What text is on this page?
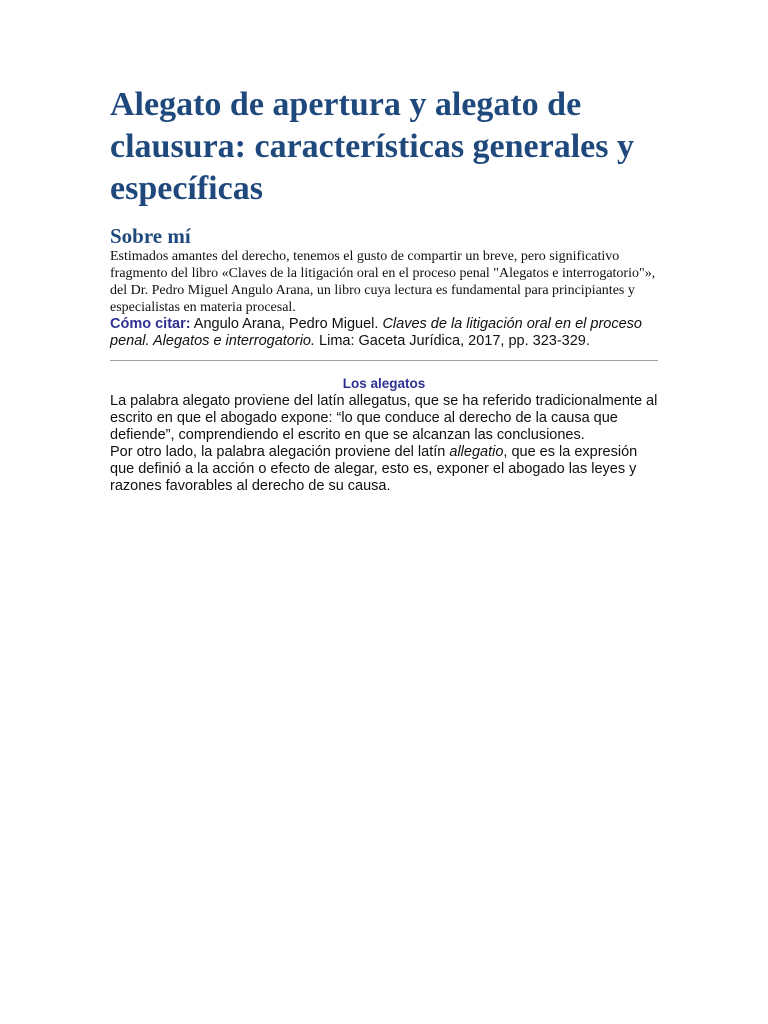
Alegato de apertura y alegato de clausura: características generales y específicas
Sobre mí

Estimados amantes del derecho, tenemos el gusto de compartir un breve, pero significativo fragmento del libro «Claves de la litigación oral en el proceso penal "Alegatos e interrogatorio"», del Dr. Pedro Miguel Angulo Arana, un libro cuya lectura es fundamental para principiantes y especialistas en materia procesal.

Cómo citar: Angulo Arana, Pedro Miguel. Claves de la litigación oral en el proceso penal. Alegatos e interrogatorio. Lima: Gaceta Jurídica, 2017, pp. 323-329.

Los alegatos

La palabra alegato proviene del latín allegatus, que se ha referido tradicionalmente al escrito en que el abogado expone: “lo que conduce al derecho de la causa que defiende”, comprendiendo el escrito en que se alcanzan las conclusiones.

Por otro lado, la palabra alegación proviene del latín allegatio, que es la expresión que definió a la acción o efecto de alegar, esto es, exponer el abogado las leyes y razones favorables al derecho de su causa.
